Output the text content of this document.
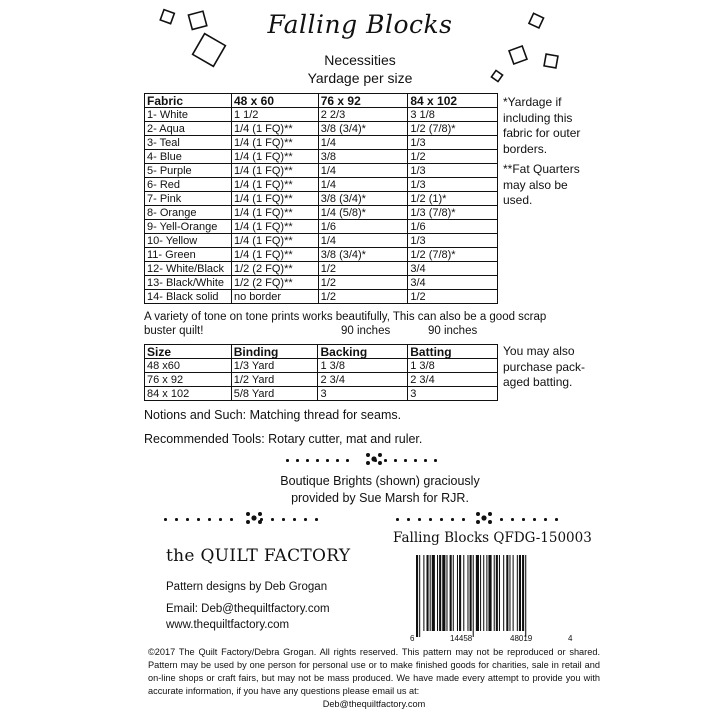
Falling Blocks
Necessities
Yardage per size
Fabric	48 x 60	76 x 92	84 x 102
1- White	1 1/2	2 2/3	3 1/8
2- Aqua	1/4 (1 FQ)**	3/8 (3/4)*	1/2 (7/8)*
3- Teal	1/4 (1 FQ)**	1/4	1/3
4- Blue	1/4 (1 FQ)**	3/8	1/2
5- Purple	1/4 (1 FQ)**	1/4	1/3
6- Red	1/4 (1 FQ)**	1/4	1/3
7- Pink	1/4 (1 FQ)**	3/8 (3/4)*	1/2 (1)*
8- Orange	1/4 (1 FQ)**	1/4 (5/8)*	1/3 (7/8)*
9- Yell-Orange	1/4 (1 FQ)**	1/6	1/6
10- Yellow	1/4 (1 FQ)**	1/4	1/3
11- Green	1/4 (1 FQ)**	3/8 (3/4)*	1/2 (7/8)*
12- White/Black	1/2 (2 FQ)**	1/2	3/4
13- Black/White	1/2 (2 FQ)**	1/2	3/4
14- Black solid	no border	1/2	1/2
*Yardage if
including this
fabric for outer
borders.
**Fat Quarters
may also be
used.
A variety of tone on tone prints works beautifully, This can also be a good scrap
buster quilt!	90 inches	90 inches
Size	Binding	Backing	Batting
48 x60	1/3 Yard	1 3/8	1 3/8
76 x 92	1/2 Yard	2 3/4	2 3/4
84 x 102	5/8 Yard	3	3
You may also
purchase pack-
aged batting.
Notions and Such: Matching thread for seams.
Recommended Tools: Rotary cutter, mat and ruler.
Boutique Brights (shown) graciously
provided by Sue Marsh for RJR.
the QUILT FACTORY
Falling Blocks QFDG-150003
Pattern designs by Deb Grogan
Email: Deb@thequiltfactory.com
www.thequiltfactory.com
6	14458	48019	4
©2017 The Quilt Factory/Debra Grogan. All rights reserved. This pattern may not be reproduced or shared. Pattern may be used by one person for personal use or to make finished goods for charities, sale in retail and on-line shops or craft fairs, but may not be mass produced. We have made every attempt to provide you with accurate information, if you have any questions please email us at:
Deb@thequiltfactory.com
